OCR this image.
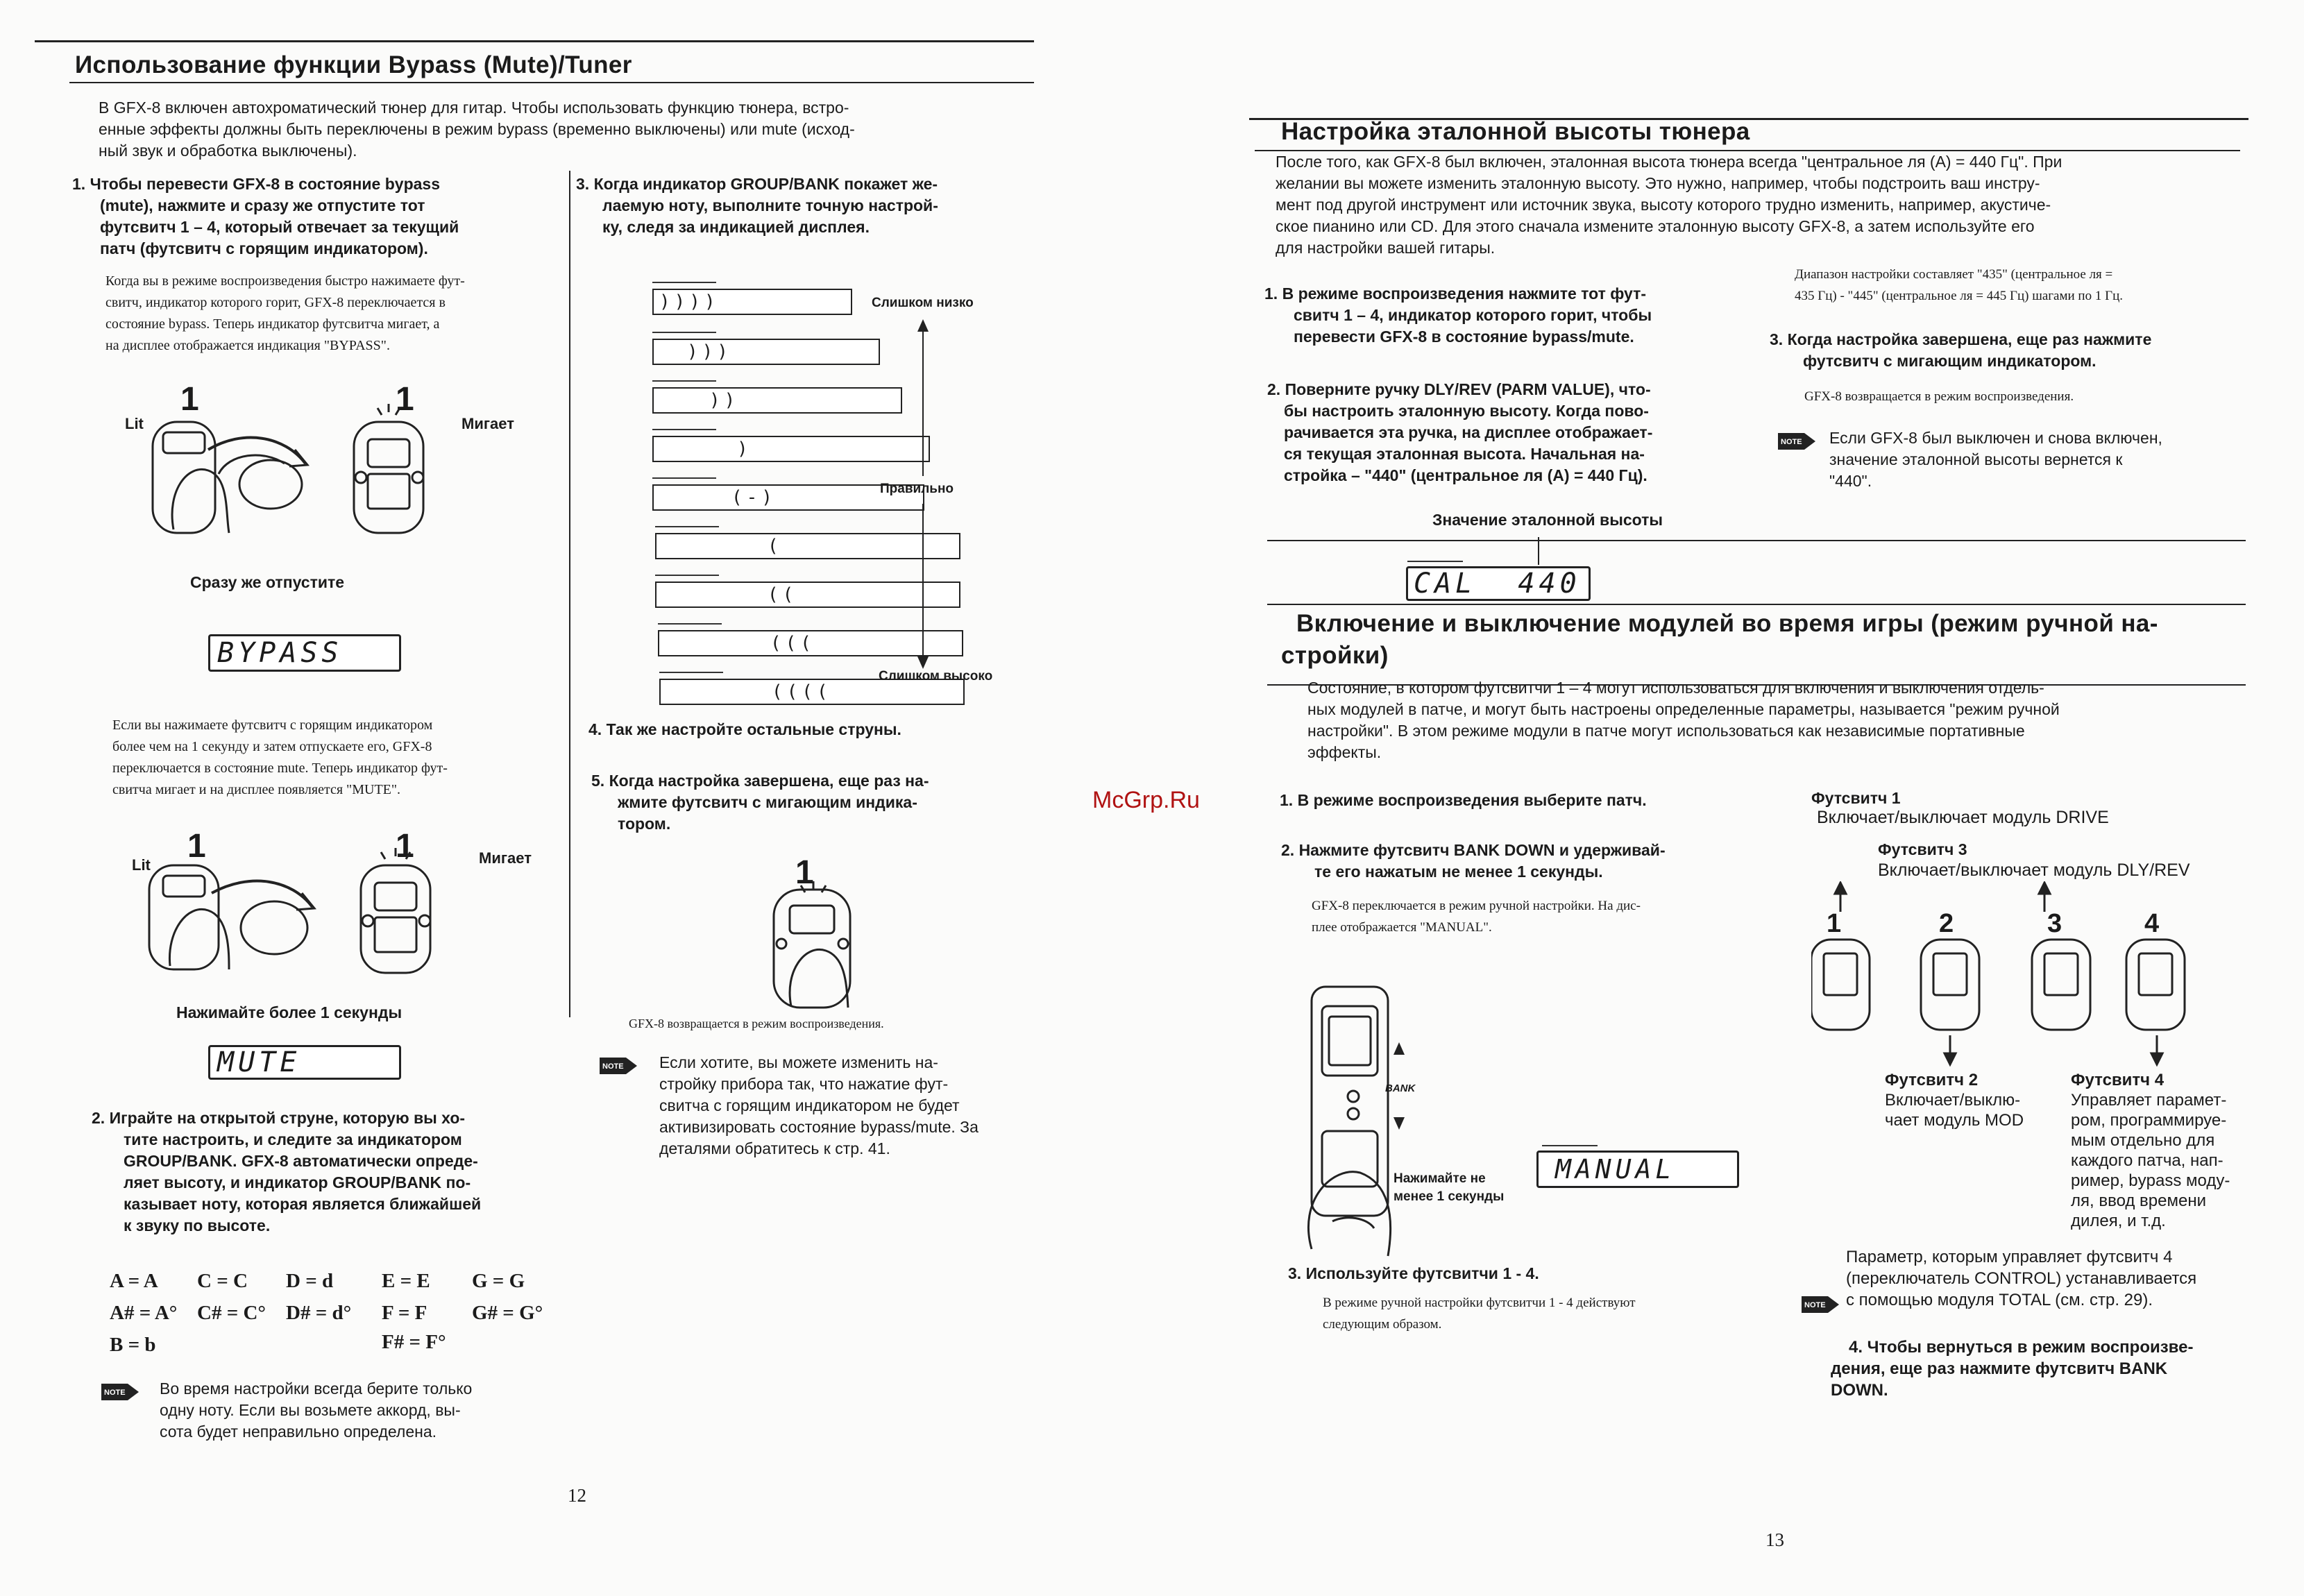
Использование функции Bypass (Mute)/Tuner
В GFX-8 включен автохроматический тюнер для гитар. Чтобы использовать функцию тюнера, встро-
енные эффекты должны быть переключены в режим bypass (временно выключены) или mute (исход-
ный звук и обработка выключены).
1. Чтобы перевести GFX-8 в состояние bypass
(mute), нажмите и сразу же отпустите тот
футсвитч 1 – 4, который отвечает за текущий
патч (футсвитч с горящим индикатором).
Когда вы в режиме воспроизведения быстро нажимаете фут-
свитч, индикатор которого горит, GFX-8 переключается в
состояние bypass. Теперь индикатор футсвитча мигает, а
на дисплее отображается индикация "BYPASS".
Lit
1	1
Мигает
Сразу же отпустите
BYPASS
Если вы нажимаете футсвитч с горящим индикатором
более чем на 1 секунду и затем отпускаете его, GFX-8
переключается в состояние mute. Теперь индикатор фут-
свитча мигает и на дисплее появляется "MUTE".
Lit
1	1	Мигает
Нажимайте более 1 секунды
MUTE
2. Играйте на открытой струне, которую вы хо-
тите настроить, и следите за индикатором
GROUP/BANK. GFX-8 автоматически опреде-
ляет высоту, и индикатор GROUP/BANK по-
казывает ноту, которая является ближайшей
к звуку по высоте.
A = A C = C D = d E = E G = G
A# = A° C# = C° D# = d° F = F G# = G°
B = b	F# = F°
NOTE Во время настройки всегда берите только
одну ноту. Если вы возьмете аккорд, вы-
сота будет неправильно определена.
12
3. Когда индикатор GROUP/BANK покажет же-
лаемую ноту, выполните точную настрой-
ку, следя за индикацией дисплея.
))))
)))
))
)
(-)
(
((
(((
((((
Слишком низко
Правильно
Слишком высоко
4. Так же настройте остальные струны.
5. Когда настройка завершена, еще раз на-
жмите футсвитч с мигающим индика-
тором.
1
GFX-8 возвращается в режим воспроизведения.
NOTE Если хотите, вы можете изменить на-
стройку прибора так, что нажатие фут-
свитча с горящим индикатором не будет
активизировать состояние bypass/mute. За
деталями обратитесь к стр. 41.
McGrp.Ru
Настройка эталонной высоты тюнера
После того, как GFX-8 был включен, эталонная высота тюнера всегда "центральное ля (A) = 440 Гц". При
желании вы можете изменить эталонную высоту. Это нужно, например, чтобы подстроить ваш инстру-
мент под другой инструмент или источник звука, высоту которого трудно изменить, например, акустиче-
ское пианино или CD. Для этого сначала измените эталонную высоту GFX-8, а затем используйте его
для настройки вашей гитары.
1. В режиме воспроизведения нажмите тот фут-
свитч 1 – 4, индикатор которого горит, чтобы
перевести GFX-8 в состояние bypass/mute.
2. Поверните ручку DLY/REV (PARM VALUE), что-
бы настроить эталонную высоту. Когда пово-
рачивается эта ручка, на дисплее отображает-
ся текущая эталонная высота. Начальная на-
стройка – "440" (центральное ля (A) = 440 Гц).
Диапазон настройки составляет "435" (центральное ля =
435 Гц) - "445" (центральное ля = 445 Гц) шагами по 1 Гц.
3. Когда настройка завершена, еще раз нажмите
футсвитч с мигающим индикатором.
GFX-8 возвращается в режим воспроизведения.
NOTE Если GFX-8 был выключен и снова включен,
значение эталонной высоты вернется к
"440".
Значение эталонной высоты
CAL  440
Включение и выключение модулей во время игры (режим ручной на-
стройки)
Состояние, в котором футсвитчи 1 – 4 могут использоваться для включения и выключения отдель-
ных модулей в патче, и могут быть настроены определенные параметры, называется "режим ручной
настройки". В этом режиме модули в патче могут использоваться как независимые портативные
эффекты.
1. В режиме воспроизведения выберите патч.
2. Нажмите футсвитч BANK DOWN и удерживай-
те его нажатым не менее 1 секунды.
GFX-8 переключается в режим ручной настройки. На дис-
плее отображается "MANUAL".
BANK
Нажимайте не
менее 1 секунды
MANUAL
3. Используйте футсвитчи 1 - 4.
В режиме ручной настройки футсвитчи 1 - 4 действуют
следующим образом.
Футсвитч 1
Включает/выключает модуль DRIVE
Футсвитч 3
Включает/выключает модуль DLY/REV
1	2	3	4
Футсвитч 2
Включает/выклю-
чает модуль MOD
Футсвитч 4
Управляет парамет-
ром, программируе-
мым отдельно для
каждого патча, нап-
ример, bypass моду-
ля, ввод времени
дилея, и т.д.
NOTE
Параметр, которым управляет футсвитч 4
(переключатель CONTROL) устанавливается
с помощью модуля TOTAL (см. стр. 29).
4. Чтобы вернуться в режим воспроизве-
дения, еще раз нажмите футсвитч BANK
DOWN.
13
